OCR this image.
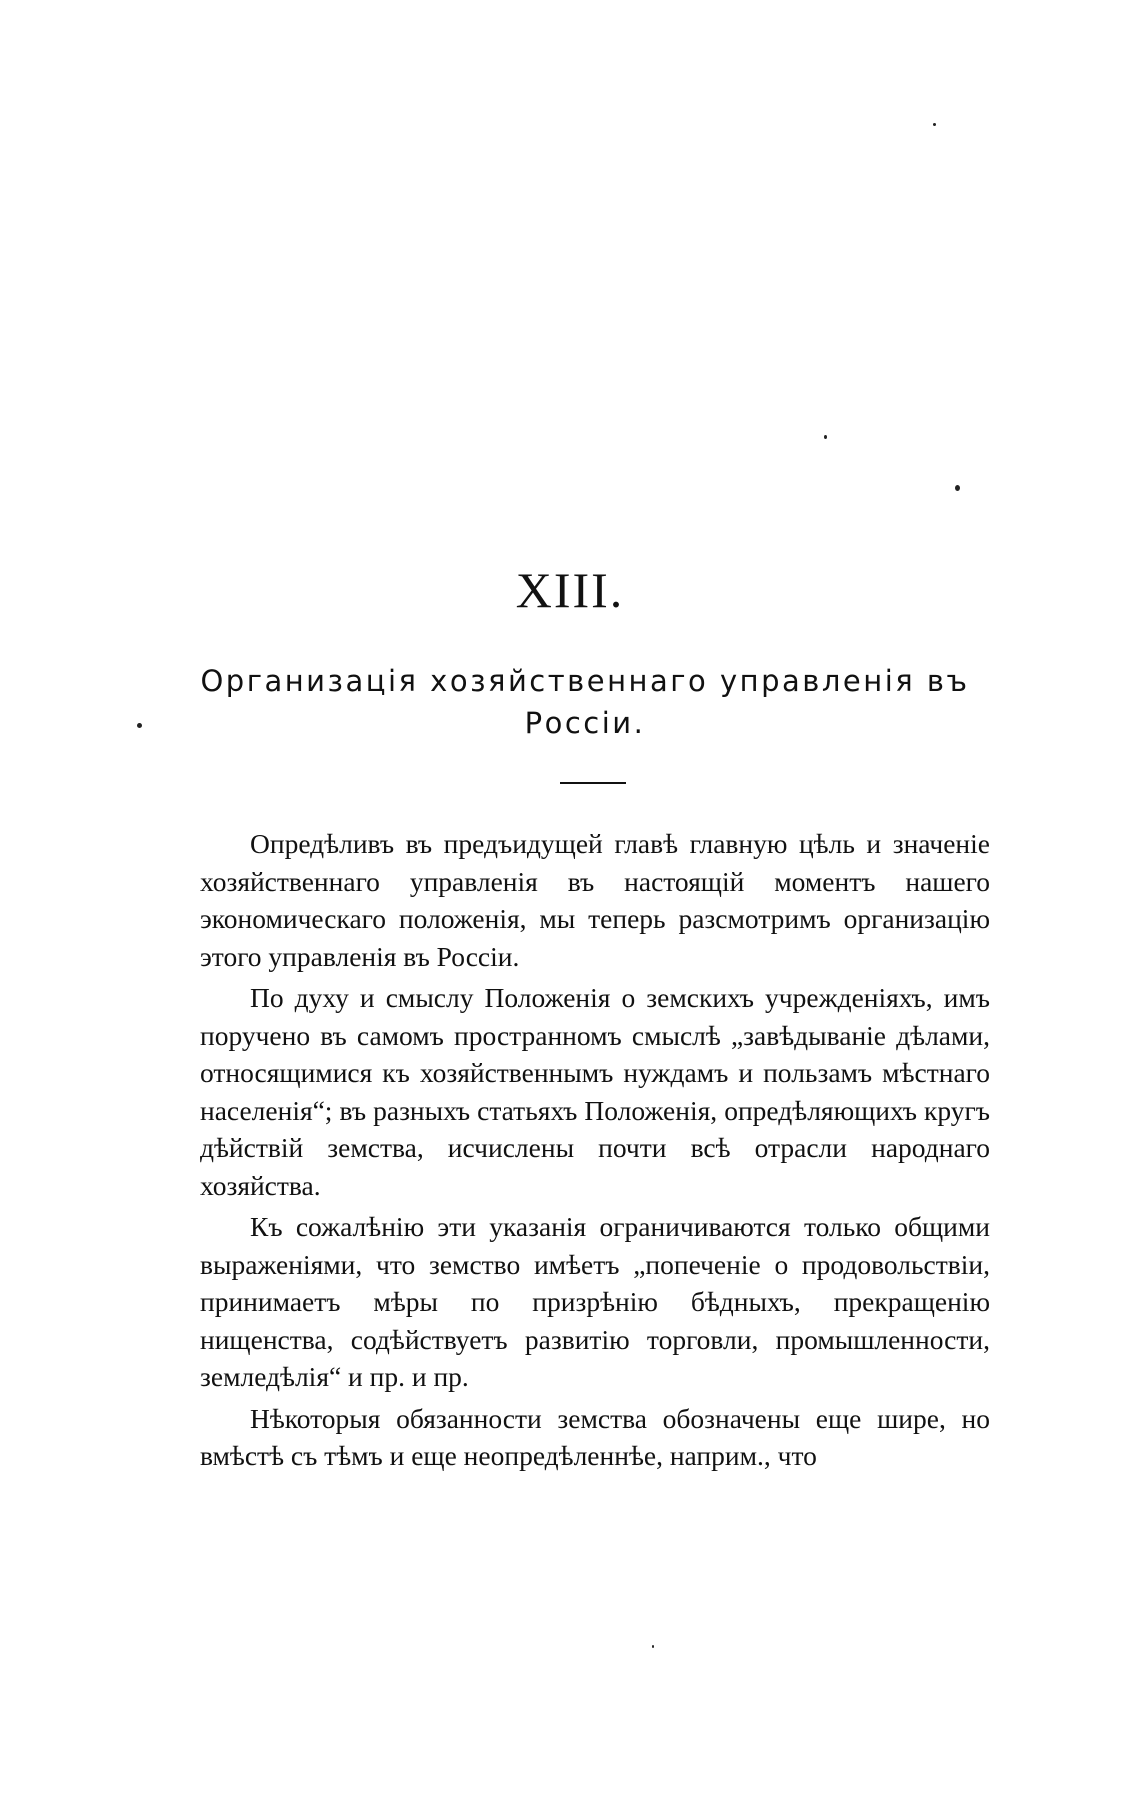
XIII.
Организація хозяйственнаго управленія въ
Россіи.

Опредѣливъ въ предъидущей главѣ главную цѣль и значеніе хозяйственнаго управленія въ настоящій моментъ нашего экономическаго положенія, мы теперь разсмотримъ организацію этого управленія въ Россіи.

По духу и смыслу Положенія о земскихъ учрежденіяхъ, имъ поручено въ самомъ пространномъ смыслѣ „завѣдываніе дѣлами, относящимися къ хозяйственнымъ нуждамъ и пользамъ мѣстнаго населенія“; въ разныхъ статьяхъ Положенія, опредѣляющихъ кругъ дѣйствій земства, исчислены почти всѣ отрасли народнаго хозяйства.

Къ сожалѣнію эти указанія ограничиваются только общими выраженіями, что земство имѣетъ „попеченіе о продовольствіи, принимаетъ мѣры по призрѣнію бѣдныхъ, прекращенію нищенства, содѣйствуетъ развитію торговли, промышленности, земледѣлія“ и пр. и пр.

Нѣкоторыя обязанности земства обозначены еще шире, но вмѣстѣ съ тѣмъ и еще неопредѣленнѣе, наприм., что
